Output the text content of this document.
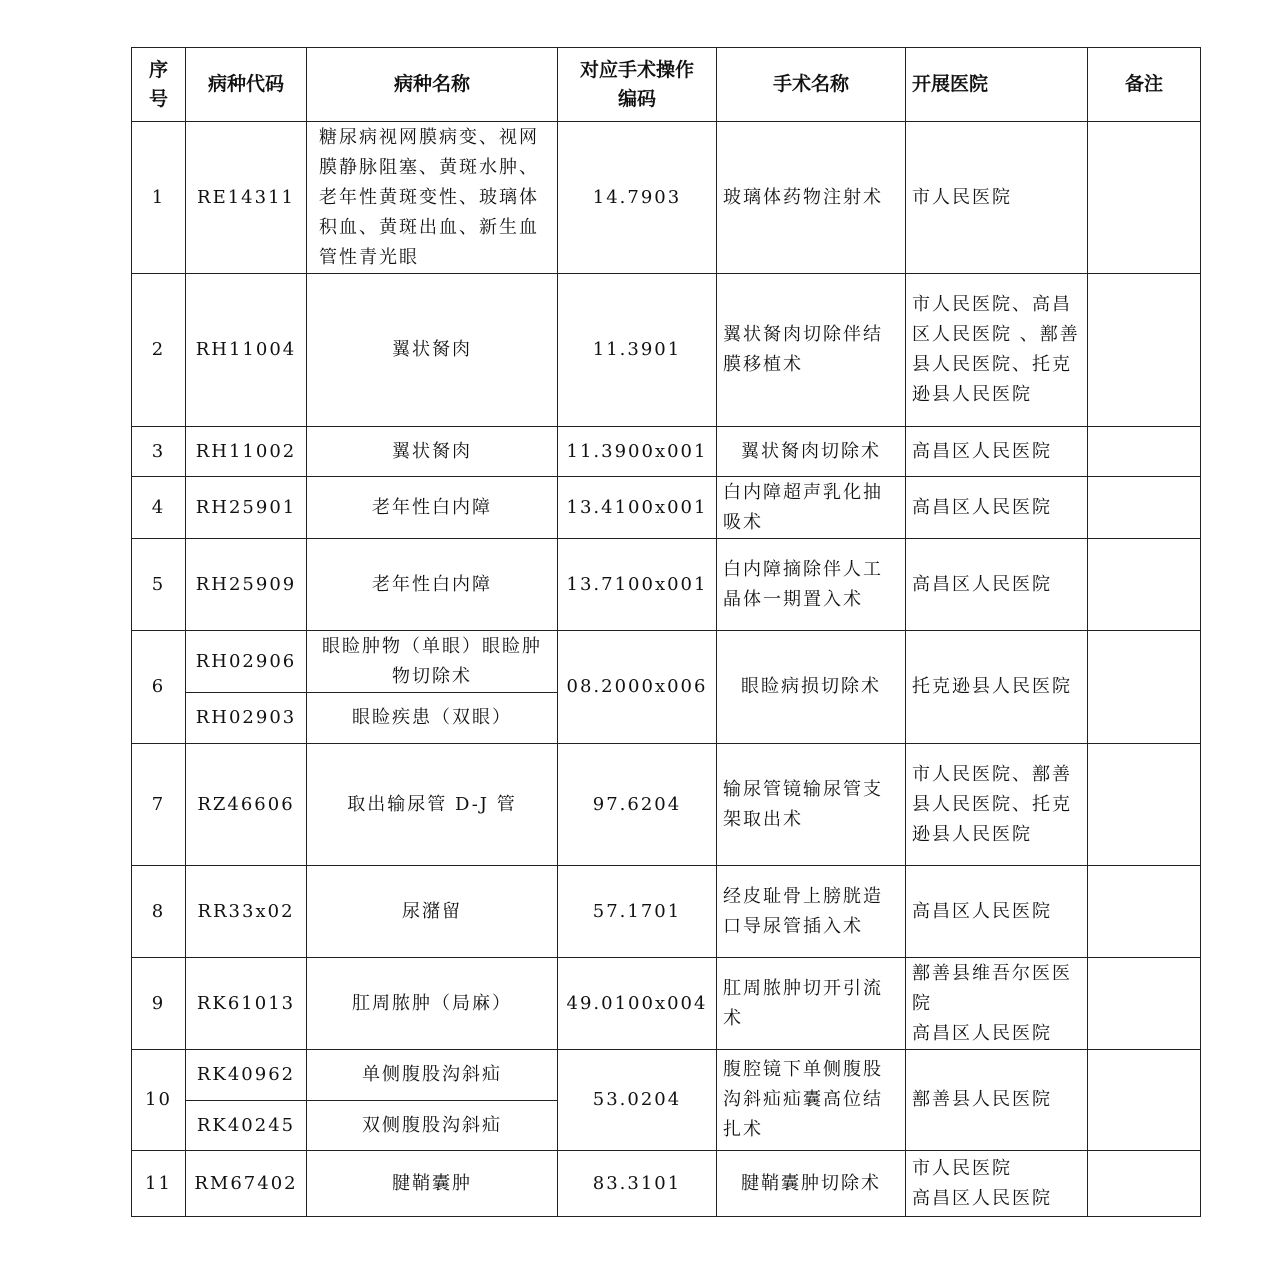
序号	病种代码	病种名称	对应手术操作编码	手术名称	开展医院	备注
1	RE14311	糖尿病视网膜病变、视网膜静脉阻塞、黄斑水肿、老年性黄斑变性、玻璃体积血、黄斑出血、新生血管性青光眼	14.7903	玻璃体药物注射术	市人民医院	
2	RH11004	翼状胬肉	11.3901	翼状胬肉切除伴结膜移植术	市人民医院、高昌区人民医院 、鄯善县人民医院、托克逊县人民医院	
3	RH11002	翼状胬肉	11.3900x001	翼状胬肉切除术	高昌区人民医院	
4	RH25901	老年性白内障	13.4100x001	白内障超声乳化抽吸术	高昌区人民医院	
5	RH25909	老年性白内障	13.7100x001	白内障摘除伴人工晶体一期置入术	高昌区人民医院	
6	RH02906	眼睑肿物（单眼）眼睑肿物切除术	08.2000x006	眼睑病损切除术	托克逊县人民医院	
	RH02903	眼睑疾患（双眼）				
7	RZ46606	取出输尿管 D-J 管	97.6204	输尿管镜输尿管支架取出术	市人民医院、鄯善县人民医院、托克逊县人民医院	
8	RR33x02	尿潴留	57.1701	经皮耻骨上膀胱造口导尿管插入术	高昌区人民医院	
9	RK61013	肛周脓肿（局麻）	49.0100x004	肛周脓肿切开引流术	鄯善县维吾尔医医院
高昌区人民医院	

10	RK40962	单侧腹股沟斜疝	53.0204	腹腔镜下单侧腹股沟斜疝疝囊高位结扎术	鄯善县人民医院	
	RK40245	双侧腹股沟斜疝				
11	RM67402	腱鞘囊肿	83.3101	腱鞘囊肿切除术	市人民医院
高昌区人民医院	
